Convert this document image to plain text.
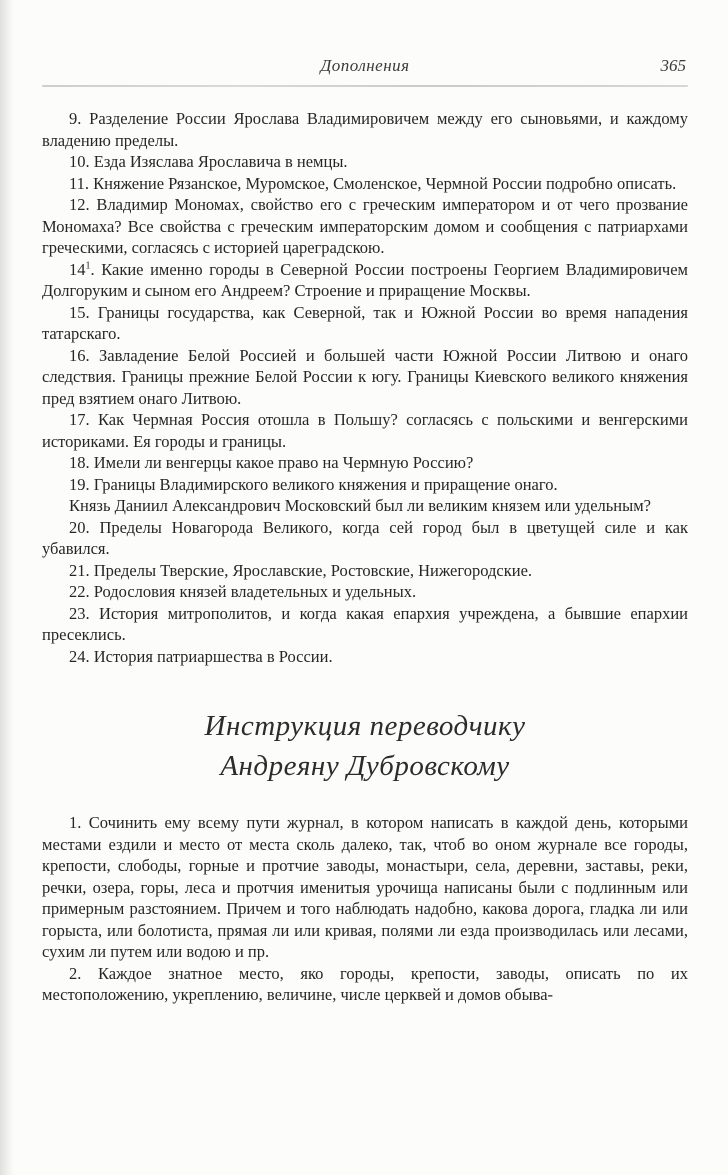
Дополнения	365

9. Разделение России Ярослава Владимировичем между его сыновьями, и каждому владению пределы.

10. Езда Изяслава Ярославича в немцы.

11. Княжение Рязанское, Муромское, Смоленское, Чермной России подробно описать.

12. Владимир Мономах, свойство его с греческим императором и от чего прозвание Мономаха? Все свойства с греческим императорским домом и сообщения с патриархами греческими, согласясь с историей цареградскою.

14$^1$. Какие именно городы в Северной России построены Георгием Владимировичем Долгоруким и сыном его Андреем? Строение и приращение Москвы.

15. Границы государства, как Северной, так и Южной России во время нападения татарскаго.

16. Завладение Белой Россией и большей части Южной России Литвою и онаго следствия. Границы прежние Белой России к югу. Границы Киевского великого княжения пред взятием онаго Литвою.

17. Как Чермная Россия отошла в Польшу? согласясь с польскими и венгерскими историками. Ея городы и границы.

18. Имели ли венгерцы какое право на Чермную Россию?

19. Границы Владимирского великого княжения и приращение онаго.

Князь Даниил Александрович Московский был ли великим князем или удельным?

20. Пределы Новагорода Великого, когда сей город был в цветущей силе и как убавился.

21. Пределы Тверские, Ярославские, Ростовские, Нижегородские.

22. Родословия князей владетельных и удельных.

23. История митрополитов, и когда какая епархия учреждена, а бывшие епархии пресеклись.

24. История патриаршества в России.

Инструкция переводчику
Андреяну Дубровскому

1. Сочинить ему всему пути журнал, в котором написать в каждой день, которыми местами ездили и место от места сколь далеко, так, чтоб во оном журнале все городы, крепости, слободы, горные и протчие заводы, монастыри, села, деревни, заставы, реки, речки, озера, горы, леса и протчия именитыя урочища написаны были с подлинным или примерным разстоянием. Причем и того наблюдать надобно, какова дорога, гладка ли или горыста, или болотиста, прямая ли или кривая, полями ли езда производилась или лесами, сухим ли путем или водою и пр.

2. Каждое знатное место, яко городы, крепости, заводы, описать по их местоположению, укреплению, величине, числе церквей и домов обыва-
